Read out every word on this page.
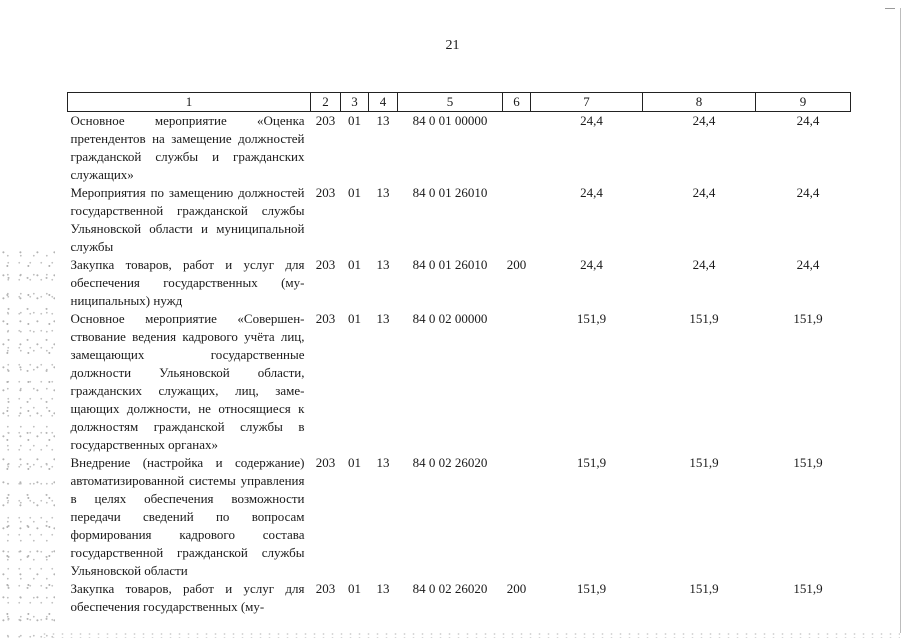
21
1	2	3	4	5	6	7	8	9
Основное мероприятие «Оценка претендентов на замещение должностей гражданской службы и гражданских служащих»	203	01	13	84 0 01 00000		24,4	24,4	24,4
Мероприятия по замещению должностей государственной гражданской службы Ульяновской области и муниципальной службы	203	01	13	84 0 01 26010		24,4	24,4	24,4
Закупка товаров, работ и услуг для обеспечения государственных (муниципальных) нужд	203	01	13	84 0 01 26010	200	24,4	24,4	24,4
Основное мероприятие «Совершенствование ведения кадрового учёта лиц, замещающих государственные должности Ульяновской области, гражданских служащих, лиц, замещающих должности, не относящиеся к должностям гражданской службы в государственных органах»	203	01	13	84 0 02 00000		151,9	151,9	151,9
Внедрение (настройка и содержание) автоматизированной системы управления в целях обеспечения возможности передачи сведений по вопросам формирования кадрового состава государственной гражданской службы Ульяновской области	203	01	13	84 0 02 26020		151,9	151,9	151,9
Закупка товаров, работ и услуг для обеспечения государственных (му-	203	01	13	84 0 02 26020	200	151,9	151,9	151,9
